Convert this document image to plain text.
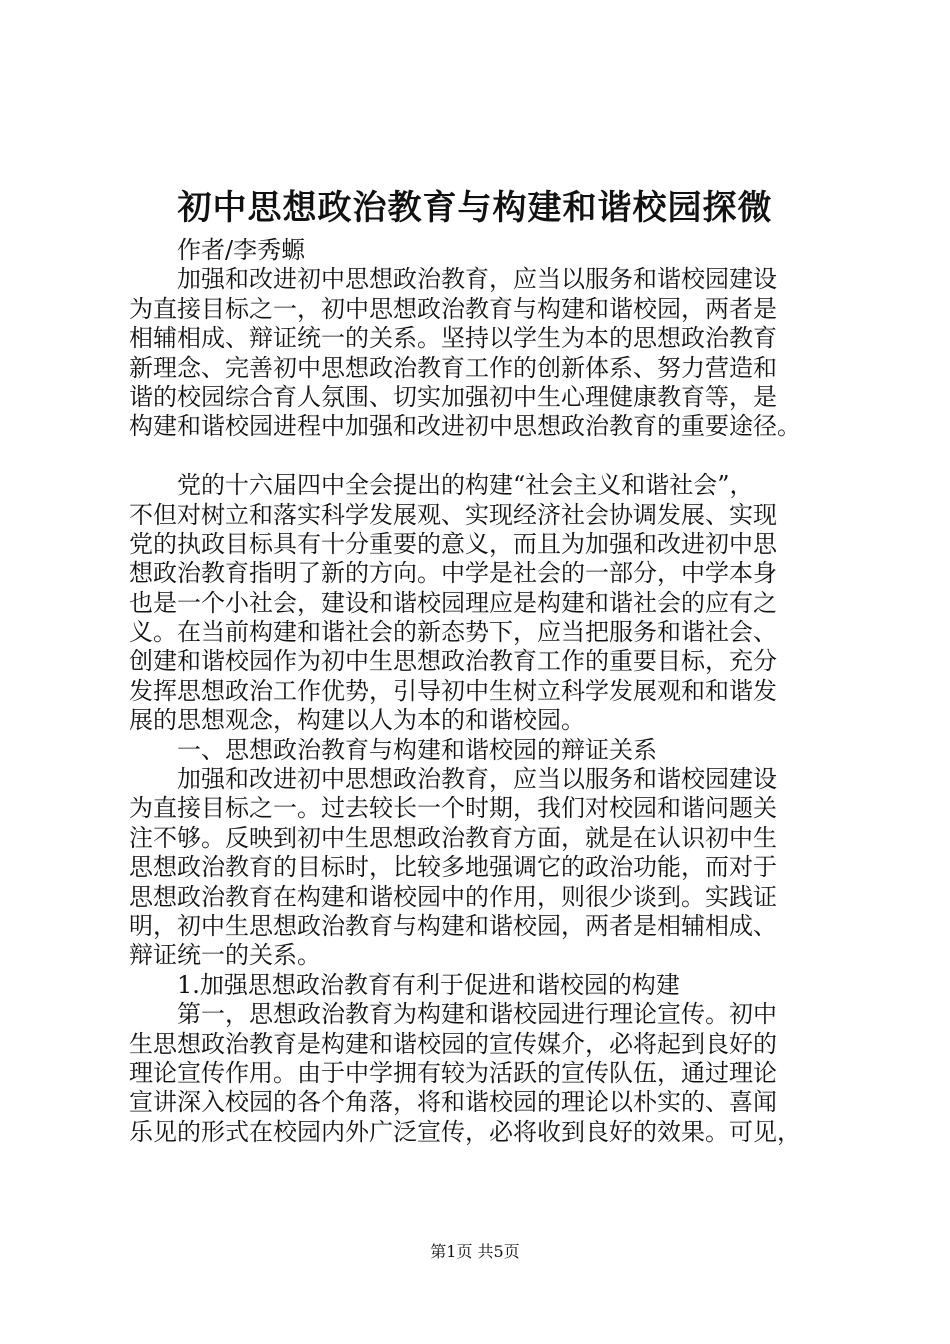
初中思想政治教育与构建和谐校园探微
作者/李秀螈
加强和改进初中思想政治教育，应当以服务和谐校园建设
为直接目标之一，初中思想政治教育与构建和谐校园，两者是
相辅相成、辩证统一的关系。坚持以学生为本的思想政治教育
新理念、完善初中思想政治教育工作的创新体系、努力营造和
谐的校园综合育人氛围、切实加强初中生心理健康教育等，是
构建和谐校园进程中加强和改进初中思想政治教育的重要途径。
党的十六届四中全会提出的构建“社会主义和谐社会”，
不但对树立和落实科学发展观、实现经济社会协调发展、实现
党的执政目标具有十分重要的意义，而且为加强和改进初中思
想政治教育指明了新的方向。中学是社会的一部分，中学本身
也是一个小社会，建设和谐校园理应是构建和谐社会的应有之
义。在当前构建和谐社会的新态势下，应当把服务和谐社会、
创建和谐校园作为初中生思想政治教育工作的重要目标，充分
发挥思想政治工作优势，引导初中生树立科学发展观和和谐发
展的思想观念，构建以人为本的和谐校园。
一、思想政治教育与构建和谐校园的辩证关系
加强和改进初中思想政治教育，应当以服务和谐校园建设
为直接目标之一。过去较长一个时期，我们对校园和谐问题关
注不够。反映到初中生思想政治教育方面，就是在认识初中生
思想政治教育的目标时，比较多地强调它的政治功能，而对于
思想政治教育在构建和谐校园中的作用，则很少谈到。实践证
明，初中生思想政治教育与构建和谐校园，两者是相辅相成、
辩证统一的关系。
1.加强思想政治教育有利于促进和谐校园的构建
第一，思想政治教育为构建和谐校园进行理论宣传。初中
生思想政治教育是构建和谐校园的宣传媒介，必将起到良好的
理论宣传作用。由于中学拥有较为活跃的宣传队伍，通过理论
宣讲深入校园的各个角落，将和谐校园的理论以朴实的、喜闻
乐见的形式在校园内外广泛宣传，必将收到良好的效果。可见，
第1页 共5页
